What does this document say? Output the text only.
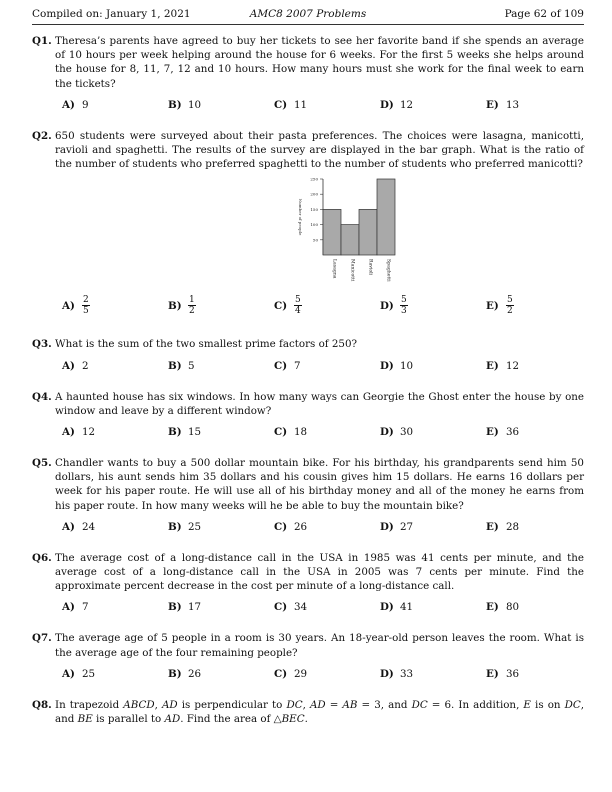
Compiled on: January 1, 2021	AMC8 2007 Problems	Page 62 of 109
Q1. Theresa’s parents have agreed to buy her tickets to see her favorite band if she spends an average of 10 hours per week helping around the house for 6 weeks. For the first 5 weeks she helps around the house for 8, 11, 7, 12 and 10 hours. How many hours must she work for the final week to earn the tickets?
A) 9	B) 10	C) 11	D) 12	E) 13
Q2. 650 students were surveyed about their pasta preferences. The choices were lasagna, manicotti, ravioli and spaghetti. The results of the survey are displayed in the bar graph. What is the ratio of the number of students who preferred spaghetti to the number of students who preferred manicotti?
50
100
150
200
250
Number of people
Lasagna	Manicotti	Ravioli	Spaghetti
$A) \frac{2}{5}$	$B) \frac{1}{2}$	$C) \frac{5}{4}$	$D) \frac{5}{3}$	$E) \frac{5}{2}$
Q3. What is the sum of the two smallest prime factors of 250?
A) 2	B) 5	C) 7	D) 10	E) 12
Q4. A haunted house has six windows. In how many ways can Georgie the Ghost enter the house by one window and leave by a different window?
A) 12	B) 15	C) 18	D) 30	E) 36
Q5. Chandler wants to buy a 500 dollar mountain bike. For his birthday, his grandparents send him 50 dollars, his aunt sends him 35 dollars and his cousin gives him 15 dollars. He earns 16 dollars per week for his paper route. He will use all of his birthday money and all of the money he earns from his paper route. In how many weeks will he be able to buy the mountain bike?
A) 24	B) 25	C) 26	D) 27	E) 28
Q6. The average cost of a long-distance call in the USA in 1985 was 41 cents per minute, and the average cost of a long-distance call in the USA in 2005 was 7 cents per minute. Find the approximate percent decrease in the cost per minute of a long-distance call.
A) 7	B) 17	C) 34	D) 41	E) 80
Q7. The average age of 5 people in a room is 30 years. An 18-year-old person leaves the room. What is the average age of the four remaining people?
A) 25	B) 26	C) 29	D) 33	E) 36
Q8. In trapezoid ABCD, AD is perpendicular to DC, AD = AB = 3, and DC = 6. In addition, E is on DC, and BE is parallel to AD. Find the area of △BEC.
